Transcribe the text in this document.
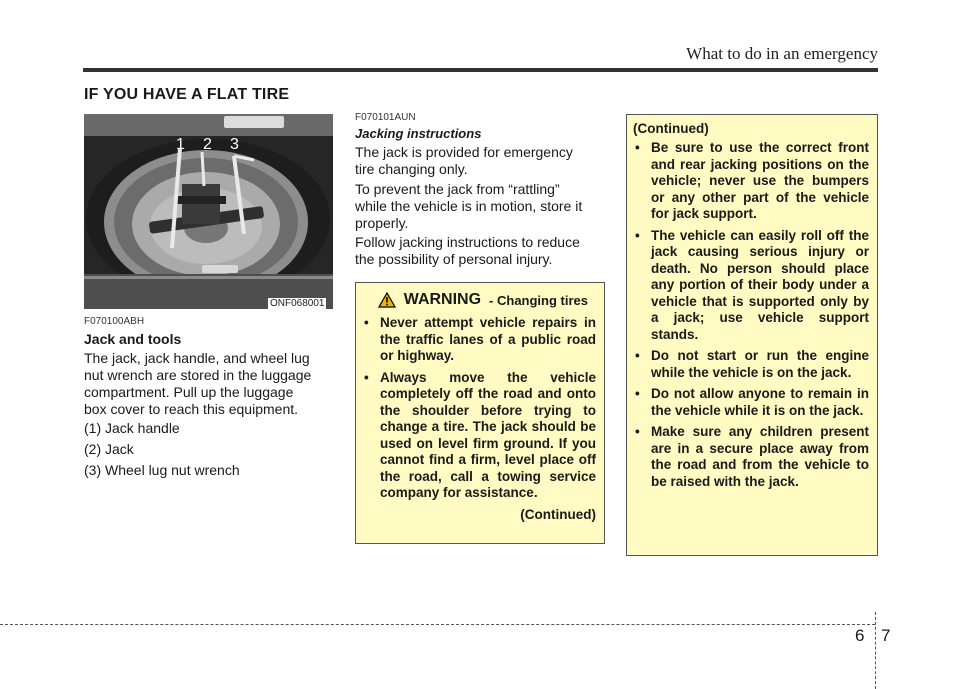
What to do in an emergency
IF YOU HAVE A FLAT TIRE
1 2 3
ONF068001
F070100ABH
Jack and tools
The jack, jack handle, and wheel lug
nut wrench are stored in the luggage
compartment. Pull up the luggage
box cover to reach this equipment.
(1) Jack handle
(2) Jack
(3) Wheel lug nut wrench
F070101AUN
Jacking instructions
The jack is provided for emergency
tire changing only.
To prevent the jack from “rattling”
while the vehicle is in motion, store it
properly.
Follow jacking instructions to reduce
the possibility of personal injury.
WARNING - Changing tires
• Never attempt vehicle repairs in the traffic lanes of a public road or highway.
• Always move the vehicle completely off the road and onto the shoulder before trying to change a tire. The jack should be used on level firm ground. If you cannot find a firm, level place off the road, call a towing service company for assistance.
(Continued)
(Continued)
• Be sure to use the correct front and rear jacking positions on the vehicle; never use the bumpers or any other part of the vehicle for jack support.
• The vehicle can easily roll off the jack causing serious injury or death. No person should place any portion of their body under a vehicle that is supported only by a jack; use vehicle support stands.
• Do not start or run the engine while the vehicle is on the jack.
• Do not allow anyone to remain in the vehicle while it is on the jack.
• Make sure any children present are in a secure place away from the road and from the vehicle to be raised with the jack.
6 7
